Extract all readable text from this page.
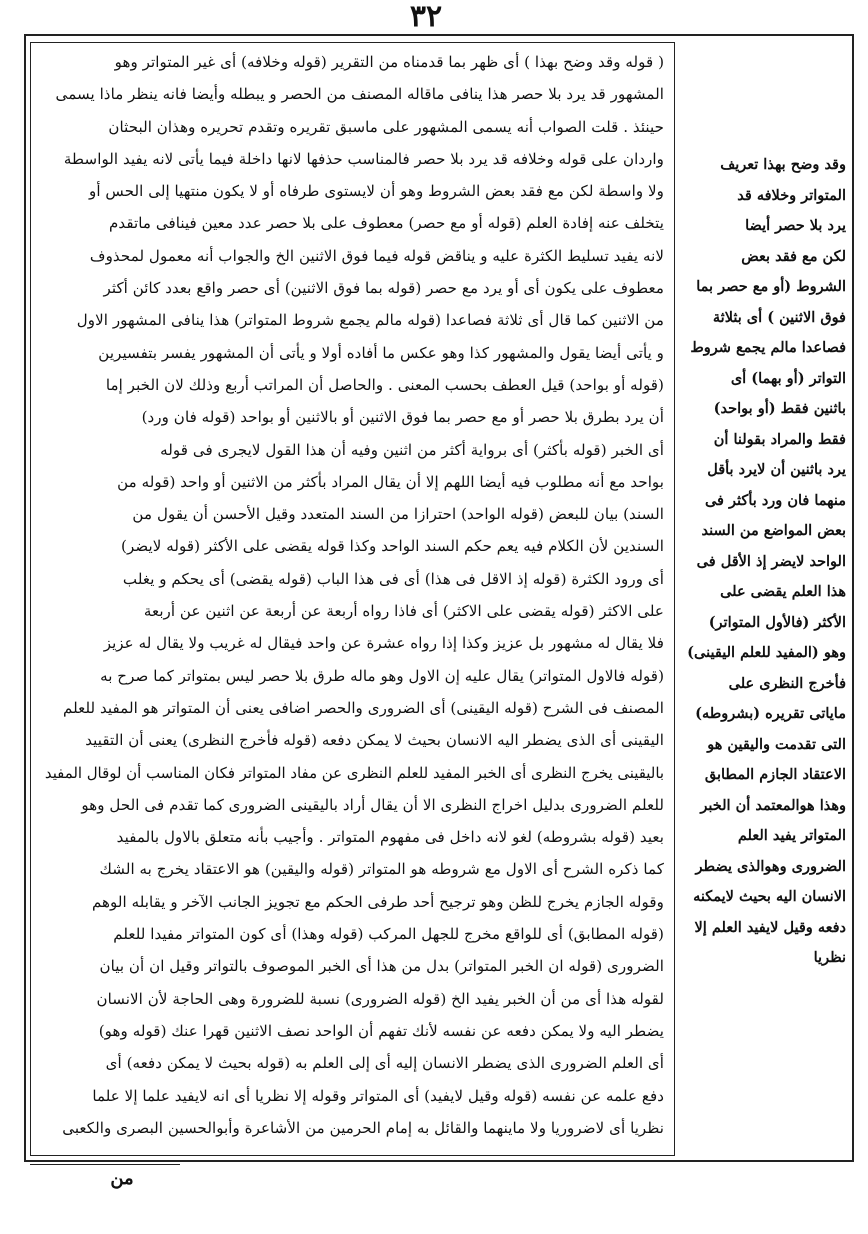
٣٢
( قوله وقد وضح بهذا ) أى ظهر بما قدمناه من التقرير (قوله وخلافه) أى غير المتواتر وهو
المشهور قد يرد بلا حصر هذا ينافى ماقاله المصنف من الحصر و يبطله وأيضا فانه ينظر ماذا يسمى
حينئذ . قلت الصواب أنه يسمى المشهور على ماسبق تقريره وتقدم تحريره وهذان البحثان
واردان على قوله وخلافه قد يرد بلا حصر فالمناسب حذفها لانها داخلة فيما يأتى لانه يفيد الواسطة
ولا واسطة لكن مع فقد بعض الشروط وهو أن لايستوى طرفاه أو لا يكون منتهيا إلى الحس أو
يتخلف عنه إفادة العلم (قوله أو مع حصر) معطوف على بلا حصر عدد معين فينافى ماتقدم
لانه يفيد تسليط الكثرة عليه و يناقض قوله فيما فوق الاثنين الخ والجواب أنه معمول لمحذوف
معطوف على يكون أى أو يرد مع حصر (قوله بما فوق الاثنين) أى حصر واقع بعدد كائن أكثر
من الاثنين كما قال أى ثلاثة فصاعدا (قوله مالم يجمع شروط المتواتر) هذا ينافى المشهور الاول
و يأتى أيضا يقول والمشهور كذا وهو عكس ما أفاده أولا و يأتى أن المشهور يفسر بتفسيرين
(قوله أو بواحد) قيل العطف بحسب المعنى . والحاصل أن المراتب أربع وذلك لان الخبر إما
أن يرد بطرق بلا حصر أو مع حصر بما فوق الاثنين أو بالاثنين أو بواحد (قوله فان ورد)
أى الخبر (قوله بأكثر) أى برواية أكثر من اثنين وفيه أن هذا القول لايجرى فى قوله
بواحد مع أنه مطلوب فيه أيضا اللهم إلا أن يقال المراد بأكثر من الاثنين أو واحد (قوله من
السند) بيان للبعض (قوله الواحد) احترازا من السند المتعدد وقيل الأحسن أن يقول من
السندين لأن الكلام فيه يعم حكم السند الواحد وكذا قوله يقضى على الأكثر (قوله لايضر)
أى ورود الكثرة (قوله إذ الاقل فى هذا) أى فى هذا الباب (قوله يقضى) أى يحكم و يغلب
على الاكثر (قوله يقضى على الاكثر) أى فاذا رواه أربعة عن أربعة عن اثنين عن أربعة
فلا يقال له مشهور بل عزيز وكذا إذا رواه عشرة عن واحد فيقال له غريب ولا يقال له عزيز
(قوله فالاول المتواتر) يقال عليه إن الاول وهو ماله طرق بلا حصر ليس بمتواتر كما صرح به
المصنف فى الشرح (قوله اليقينى) أى الضرورى والحصر اضافى يعنى أن المتواتر هو المفيد للعلم
اليقينى أى الذى يضطر اليه الانسان بحيث لا يمكن دفعه (قوله فأخرج النظرى) يعنى أن التقييد
باليقينى يخرج النظرى أى الخبر المفيد للعلم النظرى عن مفاد المتواتر فكان المناسب أن لوقال المفيد
للعلم الضرورى بدليل اخراج النظرى الا أن يقال أراد باليقينى الضرورى كما تقدم فى الحل وهو
بعيد (قوله بشروطه) لغو لانه داخل فى مفهوم المتواتر . وأجيب بأنه متعلق بالاول بالمفيد
كما ذكره الشرح أى الاول مع شروطه هو المتواتر (قوله واليقين) هو الاعتقاد يخرج به الشك
وقوله الجازم يخرج للظن وهو ترجيح أحد طرفى الحكم مع تجويز الجانب الآخر و يقابله الوهم
(قوله المطابق) أى للواقع مخرج للجهل المركب (قوله وهذا) أى كون المتواتر مفيدا للعلم
الضرورى (قوله ان الخبر المتواتر) بدل من هذا أى الخبر الموصوف بالتواتر وقيل ان أن بيان
لقوله هذا أى من أن الخبر يفيد الخ (قوله الضرورى) نسبة للضرورة وهى الحاجة لأن الانسان
يضطر اليه ولا يمكن دفعه عن نفسه لأنك تفهم أن الواحد نصف الاثنين قهرا عنك (قوله وهو)
أى العلم الضرورى الذى يضطر الانسان إليه أى إلى العلم به (قوله بحيث لا يمكن دفعه) أى
دفع علمه عن نفسه (قوله وقيل لايفيد) أى المتواتر وقوله إلا نظريا أى انه لايفيد علما إلا علما
نظريا أى لاضروريا ولا ماينهما والقائل به إمام الحرمين من الأشاعرة وأبوالحسين البصرى والكعبى
وقد وضح بهذا تعريف
المتواتر وخلافه قد
يرد بلا حصر أيضا
لكن مع فقد بعض
الشروط (أو مع حصر بما
فوق الاثنين ) أى بثلاثة
فصاعدا مالم يجمع شروط
التواتر (أو بهما) أى
باثنين فقط (أو بواحد)
فقط والمراد بقولنا أن
يرد باثنين أن لايرد بأقل
منهما فان ورد بأكثر فى
بعض المواضع من السند
الواحد لايضر إذ الأقل فى
هذا العلم يقضى على
الأكثر (فالأول المتواتر)
وهو (المفيد للعلم اليقينى)
فأخرج النظرى على
ماياتى تقريره (بشروطه)
التى تقدمت واليقين هو
الاعتقاد الجازم المطابق
وهذا هوالمعتمد أن الخبر
المتواتر يفيد العلم
الضرورى وهوالذى يضطر
الانسان اليه بحيث لايمكنه
دفعه وقيل لايفيد العلم إلا
نظريا
من
